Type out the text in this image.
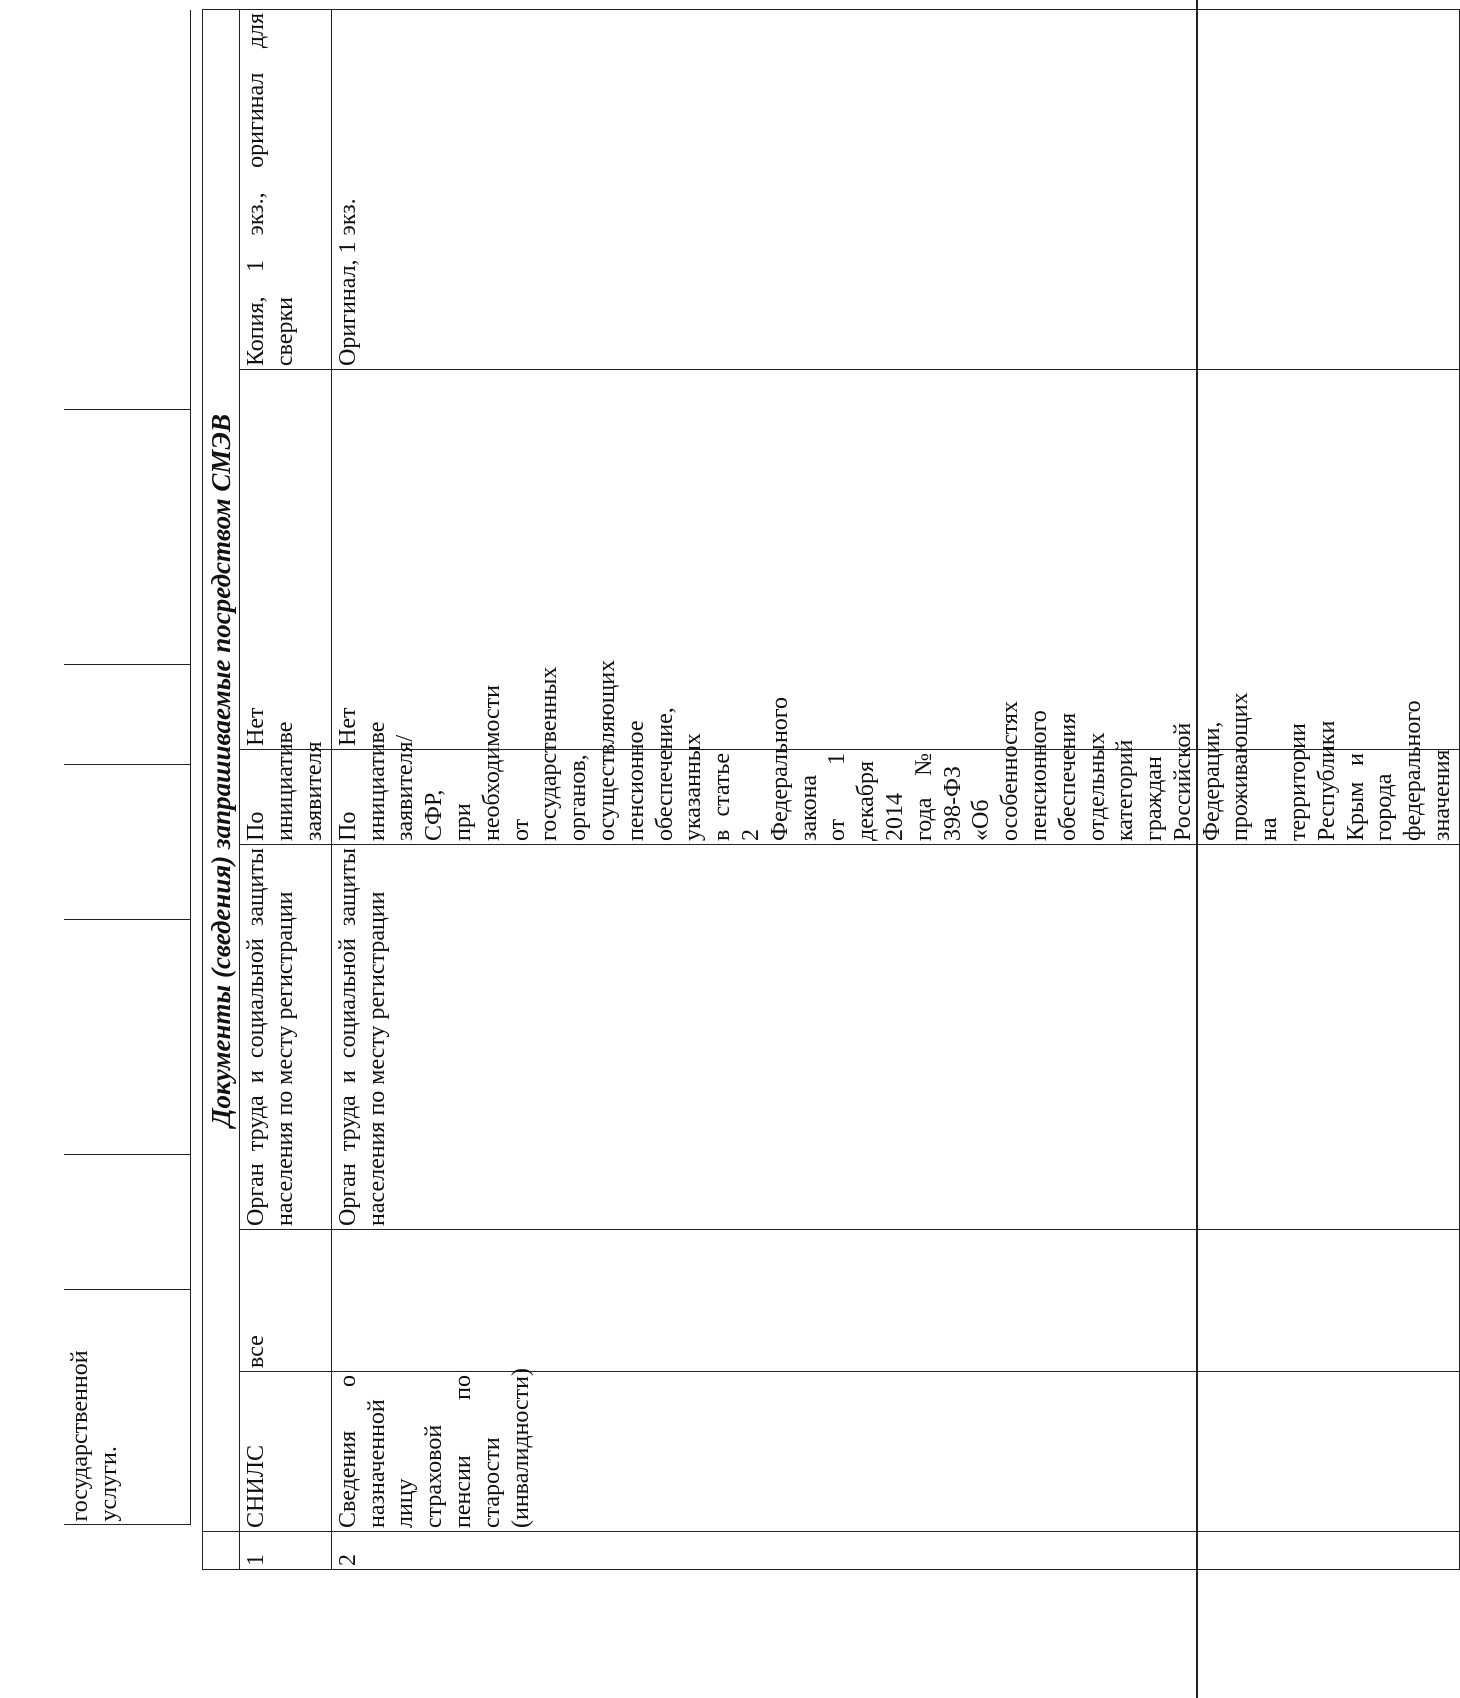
	государственной услуги.						
	Документы (сведения) запрашиваемые посредством СМЭВ					
1	СНИЛС	все	Орган труда и социальной защиты населения по месту регистрации	По инициативе заявителя	Нет	Копия, 1 экз., оригинал для сверки
2	Сведения о назначенной лицу страховой пенсии по старости (инвалидности)		Орган труда и социальной защиты населения по месту регистрации	По инициативе заявителя/СФР, при необходимости от государственных органов, осуществляющих пенсионное обеспечение, указанных в статье 2 Федерального закона от 1 декабря 2014 года № 398-ФЗ «Об особенностях пенсионного обеспечения отдельных категорий граждан Российской Федерации, проживающих на территории Республики Крым и города федерального значения	Нет	Оригинал, 1 экз.
